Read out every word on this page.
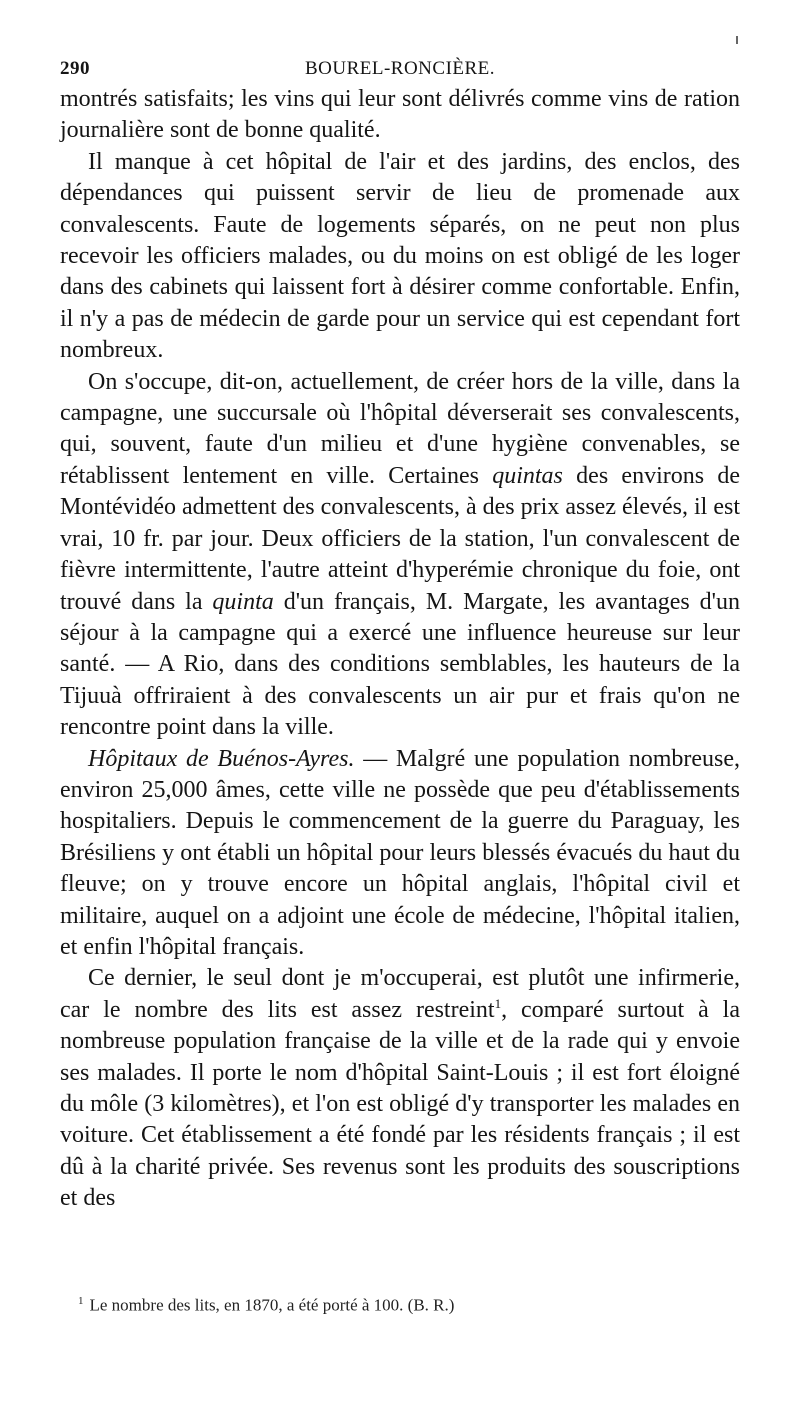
290	BOUREL-RONCIÈRE.

montrés satisfaits; les vins qui leur sont délivrés comme vins de ration journalière sont de bonne qualité.

Il manque à cet hôpital de l'air et des jardins, des enclos, des dépendances qui puissent servir de lieu de promenade aux convalescents. Faute de logements séparés, on ne peut non plus recevoir les officiers malades, ou du moins on est obligé de les loger dans des cabinets qui laissent fort à désirer comme confortable. Enfin, il n'y a pas de médecin de garde pour un service qui est cependant fort nombreux.

On s'occupe, dit-on, actuellement, de créer hors de la ville, dans la campagne, une succursale où l'hôpital déverserait ses convalescents, qui, souvent, faute d'un milieu et d'une hygiène convenables, se rétablissent lentement en ville. Certaines quintas des environs de Montévidéo admettent des convalescents, à des prix assez élevés, il est vrai, 10 fr. par jour. Deux officiers de la station, l'un convalescent de fièvre intermittente, l'autre atteint d'hyperémie chronique du foie, ont trouvé dans la quinta d'un français, M. Margate, les avantages d'un séjour à la campagne qui a exercé une influence heureuse sur leur santé. — A Rio, dans des conditions semblables, les hauteurs de la Tijuuà offriraient à des convalescents un air pur et frais qu'on ne rencontre point dans la ville.

Hôpitaux de Buénos-Ayres. — Malgré une population nombreuse, environ 25,000 âmes, cette ville ne possède que peu d'établissements hospitaliers. Depuis le commencement de la guerre du Paraguay, les Brésiliens y ont établi un hôpital pour leurs blessés évacués du haut du fleuve; on y trouve encore un hôpital anglais, l'hôpital civil et militaire, auquel on a adjoint une école de médecine, l'hôpital italien, et enfin l'hôpital français.

Ce dernier, le seul dont je m'occuperai, est plutôt une infirmerie, car le nombre des lits est assez restreint$^1$, comparé surtout à la nombreuse population française de la ville et de la rade qui y envoie ses malades. Il porte le nom d'hôpital Saint-Louis ; il est fort éloigné du môle (3 kilomètres), et l'on est obligé d'y transporter les malades en voiture. Cet établissement a été fondé par les résidents français ; il est dû à la charité privée. Ses revenus sont les produits des souscriptions et des

$^1$ Le nombre des lits, en 1870, a été porté à 100. (B. R.)
